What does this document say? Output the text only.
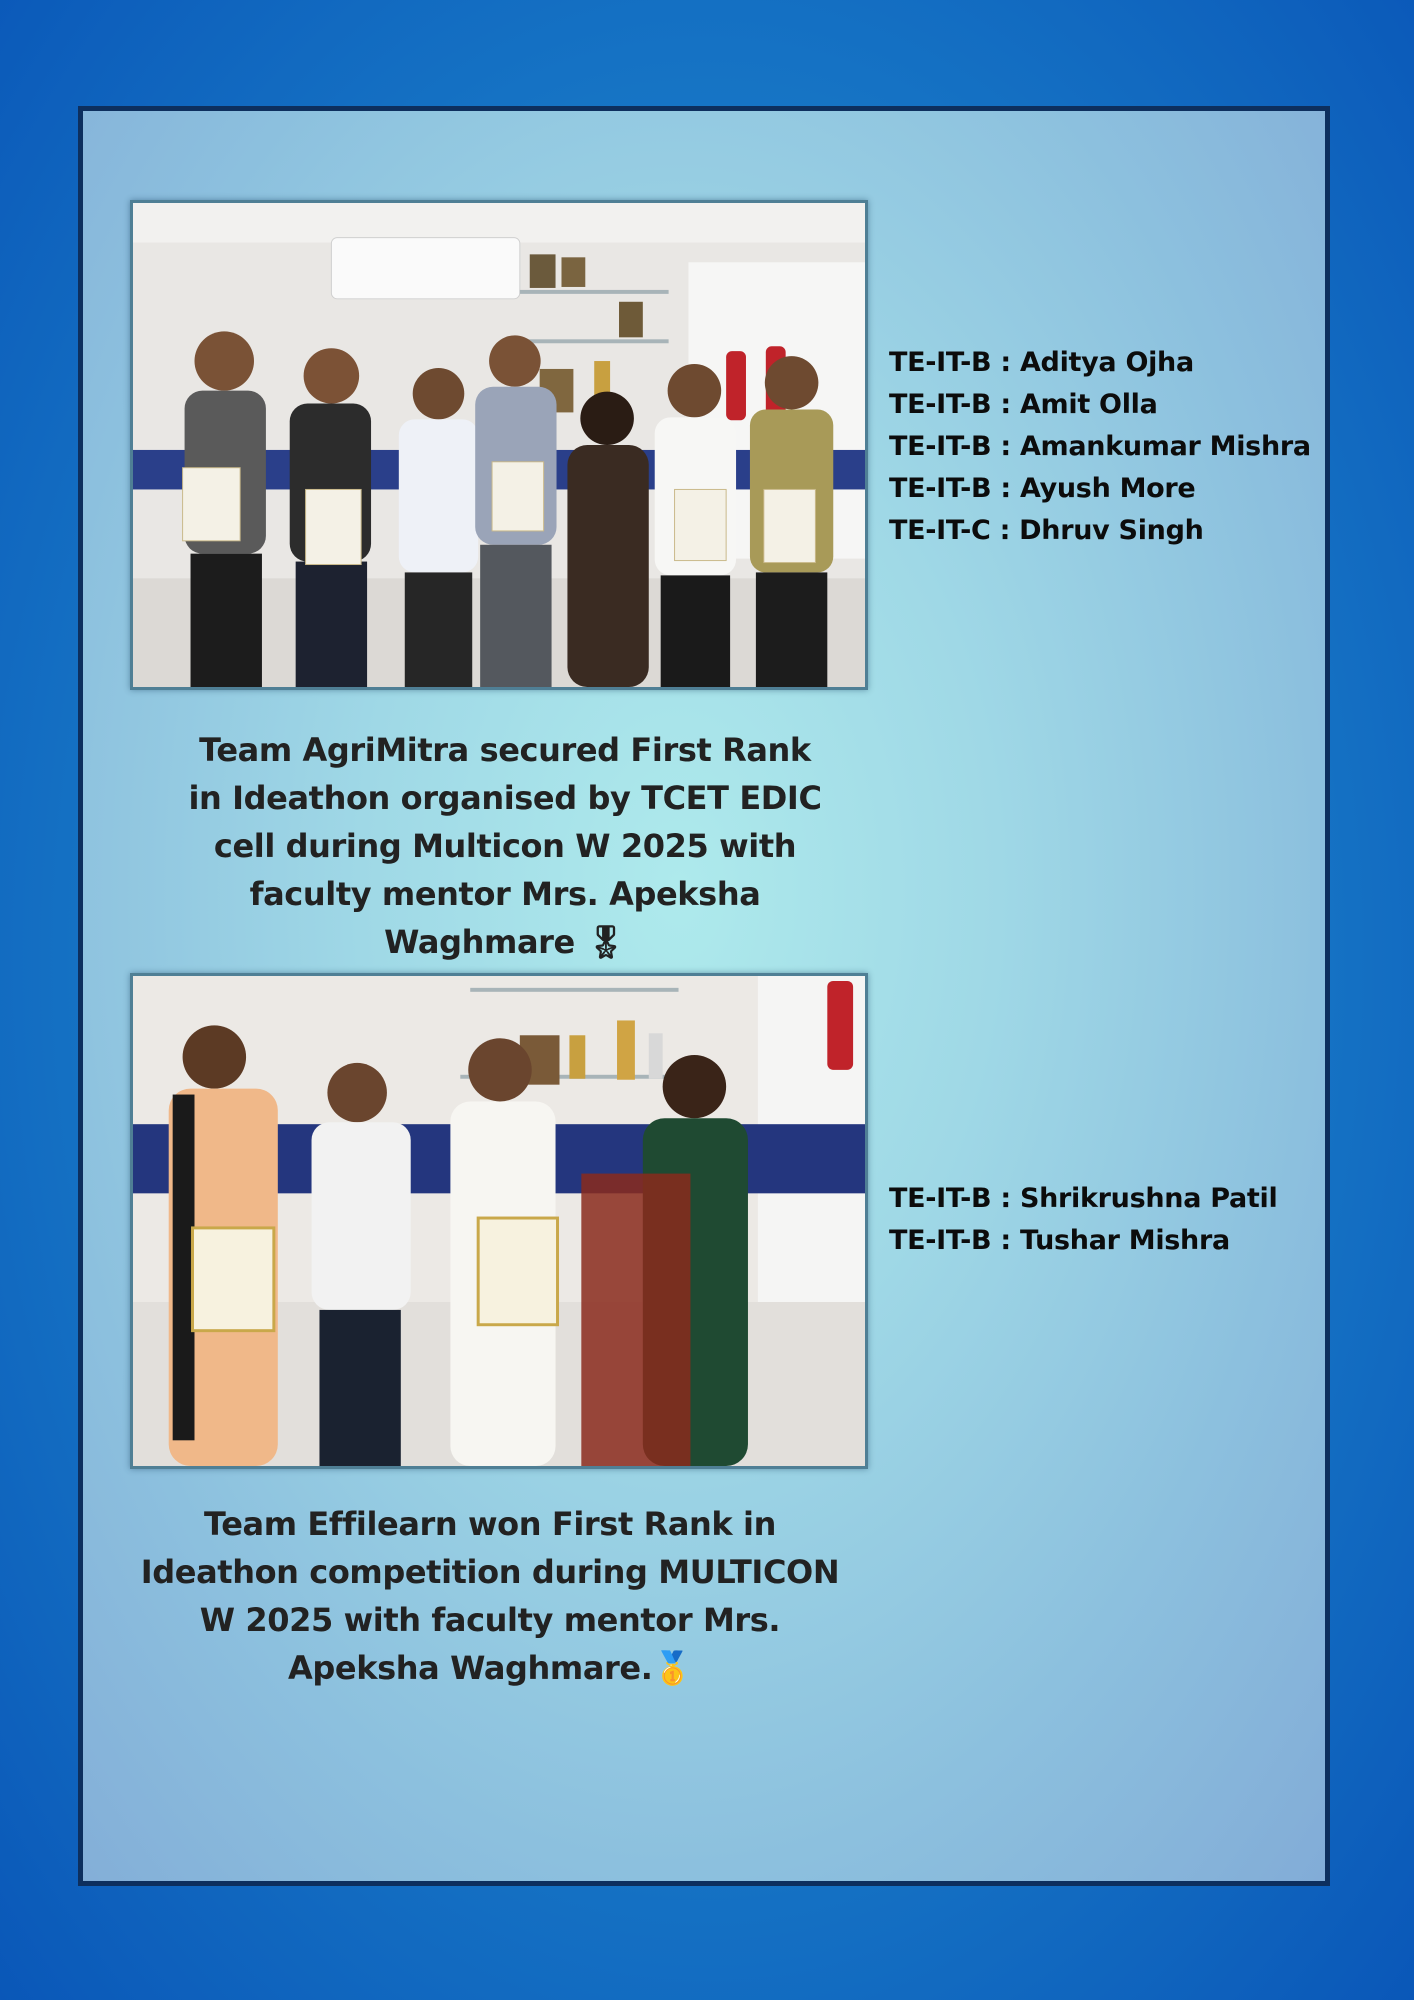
TE-IT-B : Aditya Ojha
TE-IT-B : Amit Olla
TE-IT-B : Amankumar Mishra
TE-IT-B : Ayush More
TE-IT-C : Dhruv Singh
Team AgriMitra secured First Rank in Ideathon organised by TCET EDIC cell during Multicon W 2025 with faculty mentor Mrs. Apeksha Waghmare 🎖
TE-IT-B : Shrikrushna Patil
TE-IT-B : Tushar Mishra
Team Effilearn won First Rank in Ideathon competition during MULTICON W 2025 with faculty mentor Mrs. Apeksha Waghmare.🥇
